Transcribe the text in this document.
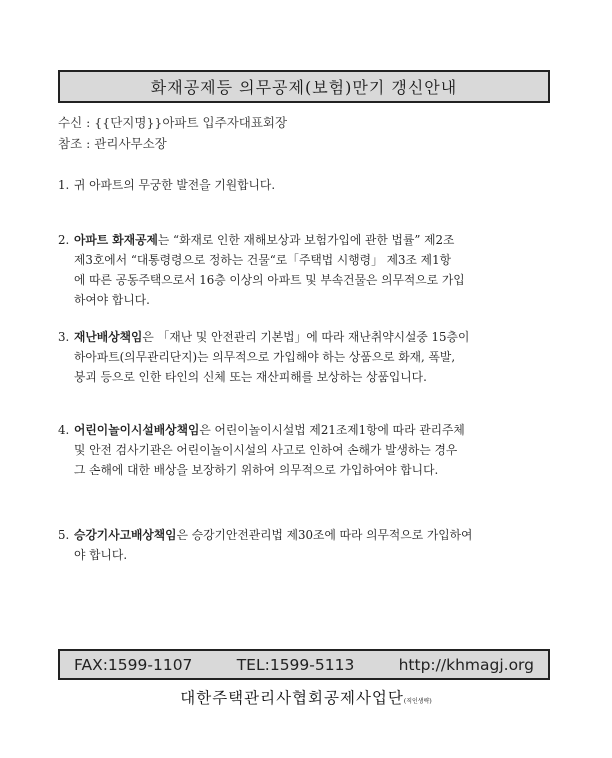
화재공제등 의무공제(보험)만기 갱신안내
수신 : {{단지명}}아파트 입주자대표회장
참조 : 관리사무소장
1. 귀 아파트의 무궁한 발전을 기원합니다.
2. 아파트 화재공제는 “화재로 인한 재해보상과 보험가입에 관한 법률” 제2조
제3호에서 “대통령령으로 정하는 건물“로「주택법 시행령」 제3조 제1항
에 따른 공동주택으로서 16층 이상의 아파트 및 부속건물은 의무적으로 가입
하여야 합니다.
3. 재난배상책임은 「재난 및 안전관리 기본법」에 따라 재난취약시설중 15층이
하아파트(의무관리단지)는 의무적으로 가입해야 하는 상품으로 화재, 폭발,
붕괴 등으로 인한 타인의 신체 또는 재산피해를 보상하는 상품입니다.
4. 어린이놀이시설배상책임은 어린이놀이시설법 제21조제1항에 따라 관리주체
및 안전 검사기관은 어린이놀이시설의 사고로 인하여 손해가 발생하는 경우
그 손해에 대한 배상을 보장하기 위하여 의무적으로 가입하여야 합니다.
5. 승강기사고배상책임은 승강기안전관리법 제30조에 따라 의무적으로 가입하여
야 합니다.
FAX:1599-1107	TEL:1599-5113	http://khmagj.org
대한주택관리사협회공제사업단(직인생략)
